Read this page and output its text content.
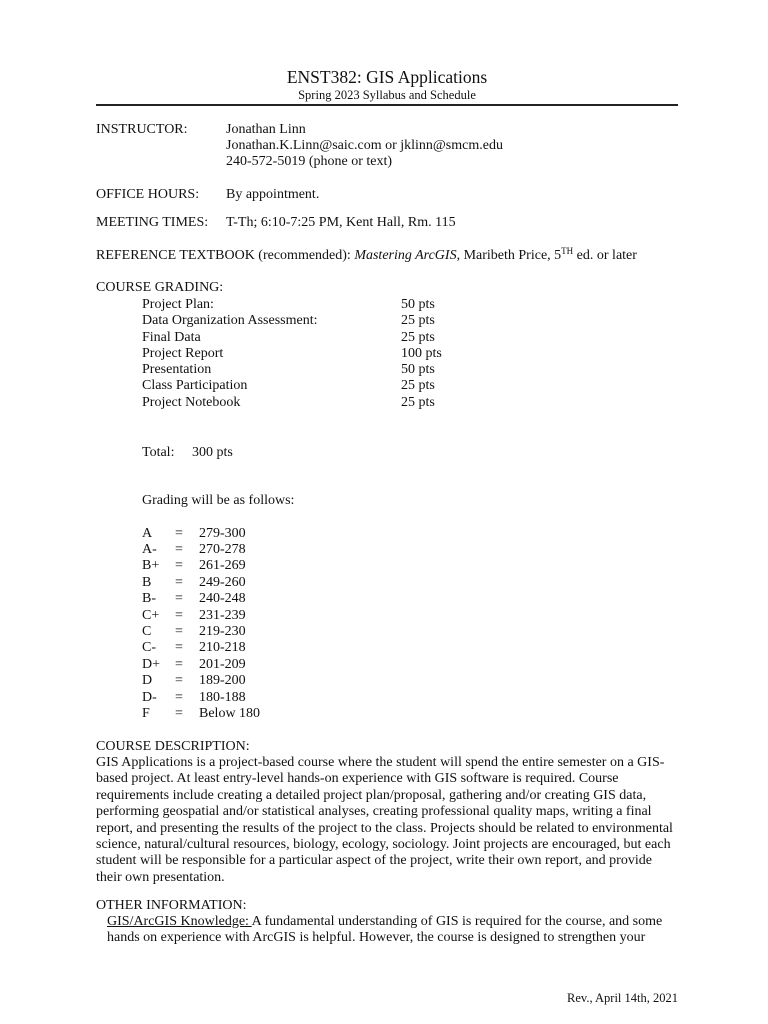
ENST382: GIS Applications
Spring 2023 Syllabus and Schedule
INSTRUCTOR:	Jonathan Linn
Jonathan.K.Linn@saic.com or jklinn@smcm.edu
240-572-5019 (phone or text)
OFFICE HOURS: By appointment.
MEETING TIMES: T-Th; 6:10-7:25 PM, Kent Hall, Rm. 115
REFERENCE TEXTBOOK (recommended): Mastering ArcGIS, Maribeth Price, 5TH ed. or later
COURSE GRADING:
Project Plan:	50 pts
Data Organization Assessment:	25 pts
Final Data	25 pts
Project Report	100 pts
Presentation	50 pts
Class Participation	25 pts
Project Notebook	25 pts
Total: 300 pts
Grading will be as follows:
A = 279-300
A- = 270-278
B+ = 261-269
B = 249-260
B- = 240-248
C+ = 231-239
C = 219-230
C- = 210-218
D+ = 201-209
D = 189-200
D- = 180-188
F = Below 180
COURSE DESCRIPTION:
GIS Applications is a project-based course where the student will spend the entire semester on a GIS-based project. At least entry-level hands-on experience with GIS software is required. Course requirements include creating a detailed project plan/proposal, gathering and/or creating GIS data, performing geospatial and/or statistical analyses, creating professional quality maps, writing a final report, and presenting the results of the project to the class. Projects should be related to environmental science, natural/cultural resources, biology, ecology, sociology. Joint projects are encouraged, but each student will be responsible for a particular aspect of the project, write their own report, and provide their own presentation.
OTHER INFORMATION:
GIS/ArcGIS Knowledge: A fundamental understanding of GIS is required for the course, and some hands on experience with ArcGIS is helpful. However, the course is designed to strengthen your
Rev., April 14th, 2021
